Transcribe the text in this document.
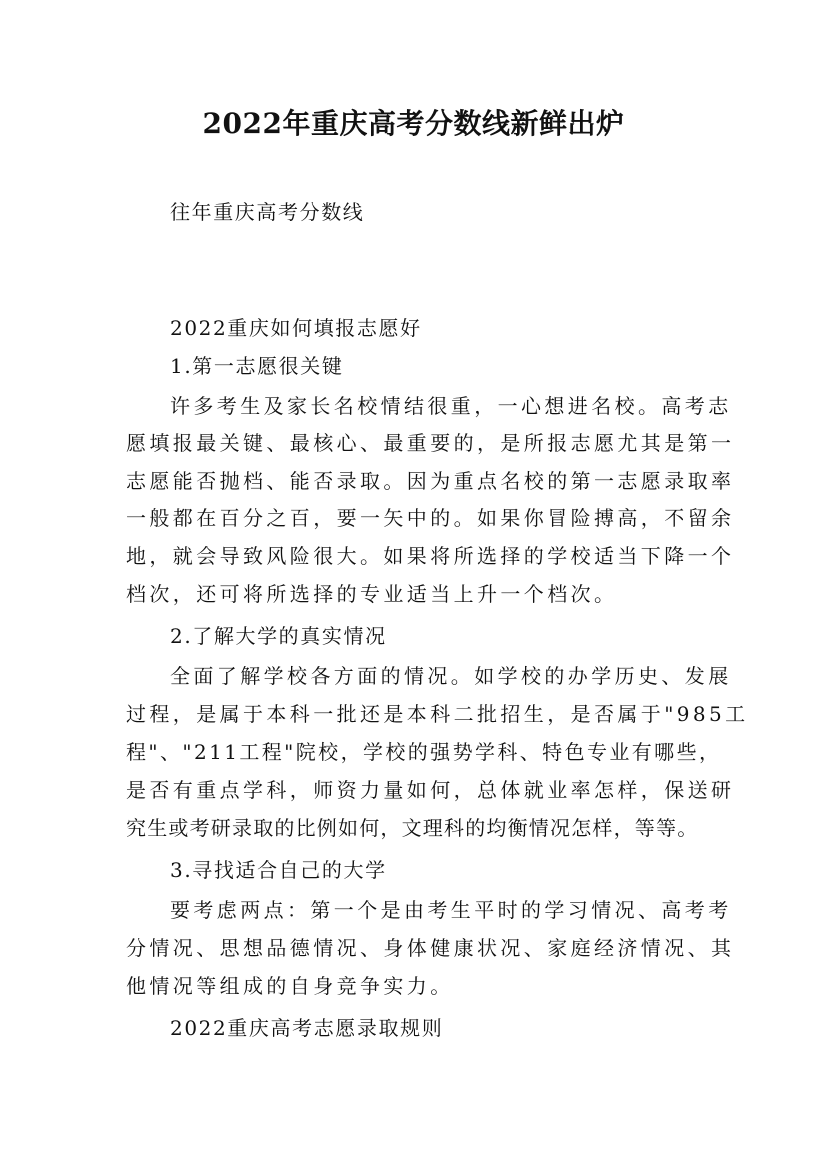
2022年重庆高考分数线新鲜出炉
往年重庆高考分数线
2022重庆如何填报志愿好
1.第一志愿很关键
许多考生及家长名校情结很重，一心想进名校。高考志
愿填报最关键、最核心、最重要的，是所报志愿尤其是第一
志愿能否抛档、能否录取。因为重点名校的第一志愿录取率
一般都在百分之百，要一矢中的。如果你冒险搏高，不留余
地，就会导致风险很大。如果将所选择的学校适当下降一个
档次，还可将所选择的专业适当上升一个档次。
2.了解大学的真实情况
全面了解学校各方面的情况。如学校的办学历史、发展
过程，是属于本科一批还是本科二批招生，是否属于"985工
程"、"211工程"院校，学校的强势学科、特色专业有哪些，
是否有重点学科，师资力量如何，总体就业率怎样，保送研
究生或考研录取的比例如何，文理科的均衡情况怎样，等等。
3.寻找适合自己的大学
要考虑两点：第一个是由考生平时的学习情况、高考考
分情况、思想品德情况、身体健康状况、家庭经济情况、其
他情况等组成的自身竞争实力。
2022重庆高考志愿录取规则
